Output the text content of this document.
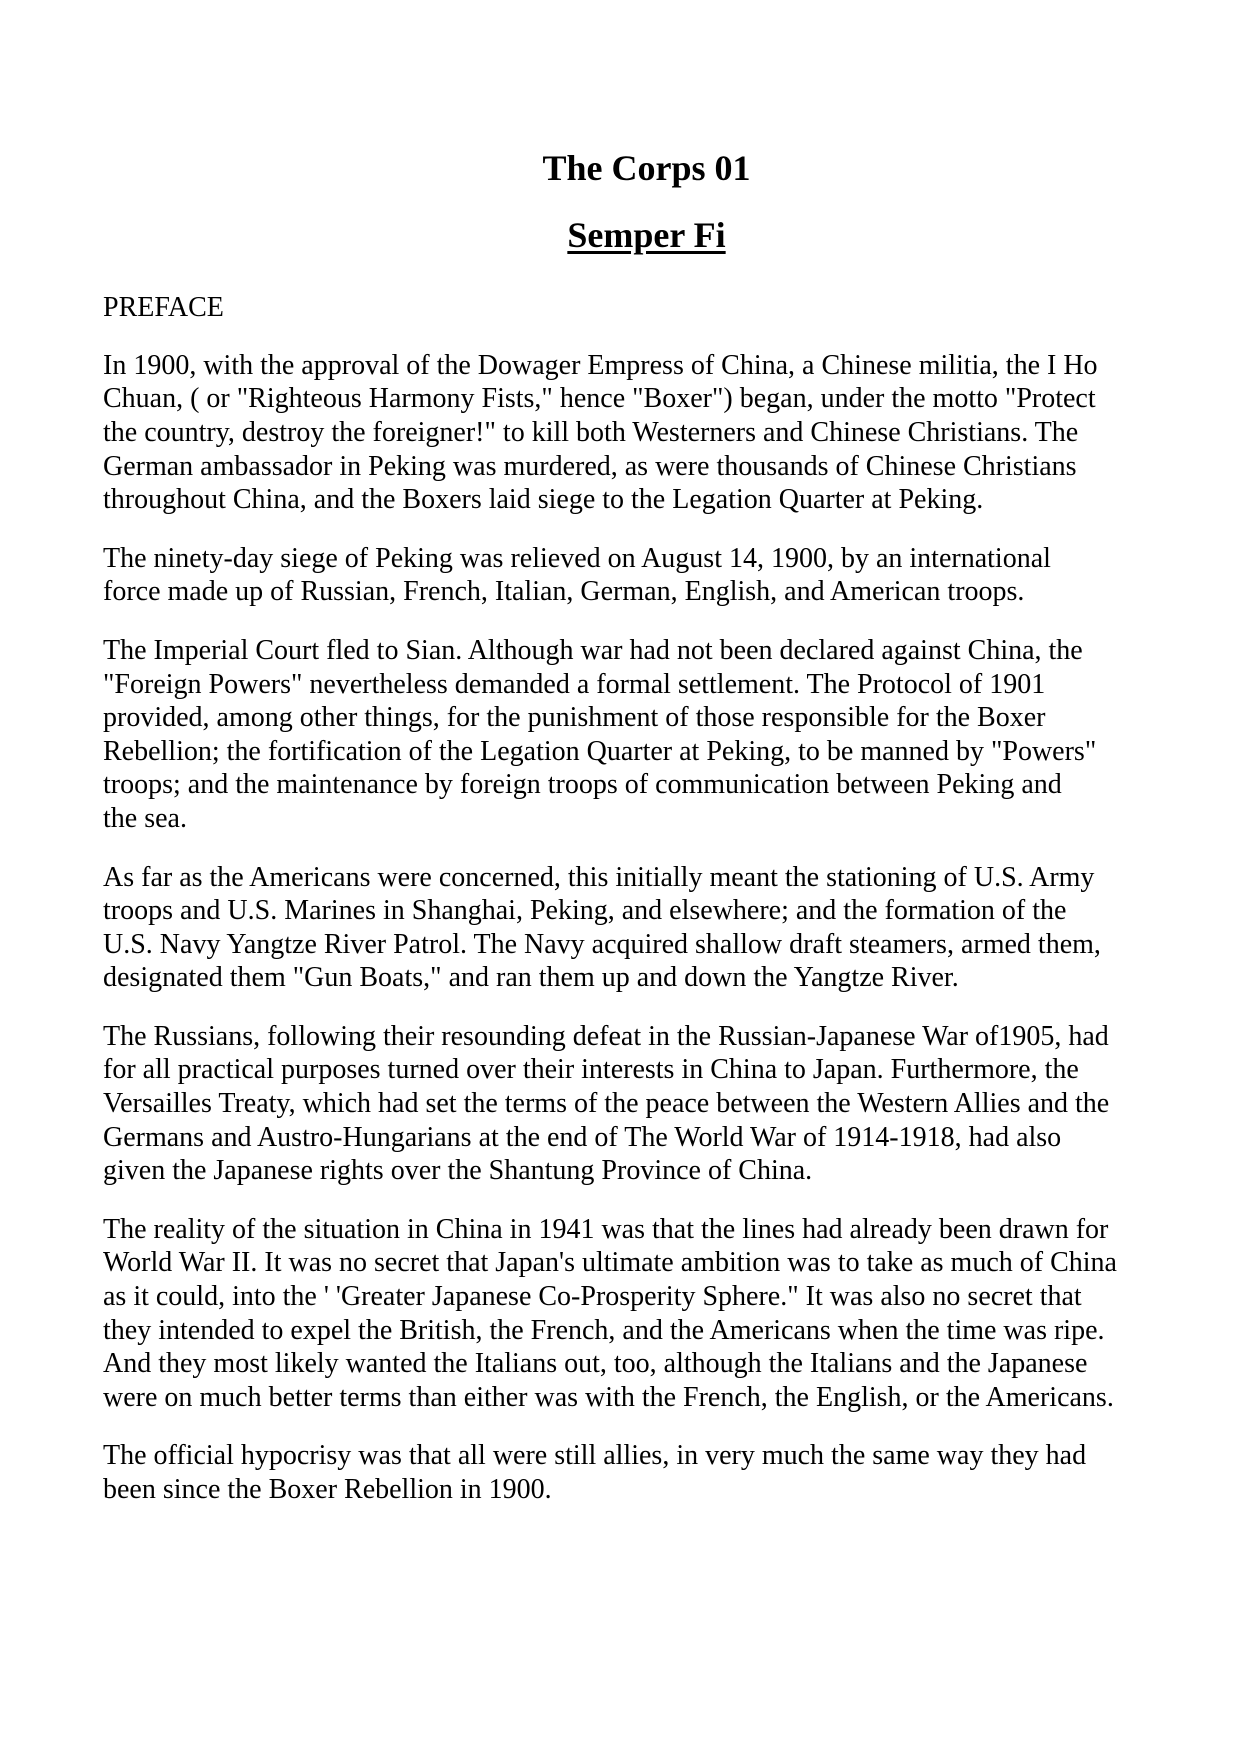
The Corps 01
Semper Fi
PREFACE

In 1900, with the approval of the Dowager Empress of China, a Chinese militia, the I Ho
Chuan, ( or "Righteous Harmony Fists," hence "Boxer") began, under the motto "Protect
the country, destroy the foreigner!" to kill both Westerners and Chinese Christians. The
German ambassador in Peking was murdered, as were thousands of Chinese Christians
throughout China, and the Boxers laid siege to the Legation Quarter at Peking.

The ninety-day siege of Peking was relieved on August 14, 1900, by an international
force made up of Russian, French, Italian, German, English, and American troops.

The Imperial Court fled to Sian. Although war had not been declared against China, the
"Foreign Powers" nevertheless demanded a formal settlement. The Protocol of 1901
provided, among other things, for the punishment of those responsible for the Boxer
Rebellion; the fortification of the Legation Quarter at Peking, to be manned by "Powers"
troops; and the maintenance by foreign troops of communication between Peking and
the sea.

As far as the Americans were concerned, this initially meant the stationing of U.S. Army
troops and U.S. Marines in Shanghai, Peking, and elsewhere; and the formation of the
U.S. Navy Yangtze River Patrol. The Navy acquired shallow draft steamers, armed them,
designated them "Gun Boats," and ran them up and down the Yangtze River.

The Russians, following their resounding defeat in the Russian-Japanese War of1905, had
for all practical purposes turned over their interests in China to Japan. Furthermore, the
Versailles Treaty, which had set the terms of the peace between the Western Allies and the
Germans and Austro-Hungarians at the end of The World War of 1914-1918, had also
given the Japanese rights over the Shantung Province of China.

The reality of the situation in China in 1941 was that the lines had already been drawn for
World War II. It was no secret that Japan's ultimate ambition was to take as much of China
as it could, into the ' 'Greater Japanese Co-Prosperity Sphere." It was also no secret that
they intended to expel the British, the French, and the Americans when the time was ripe.
And they most likely wanted the Italians out, too, although the Italians and the Japanese
were on much better terms than either was with the French, the English, or the Americans.

The official hypocrisy was that all were still allies, in very much the same way they had
been since the Boxer Rebellion in 1900.
